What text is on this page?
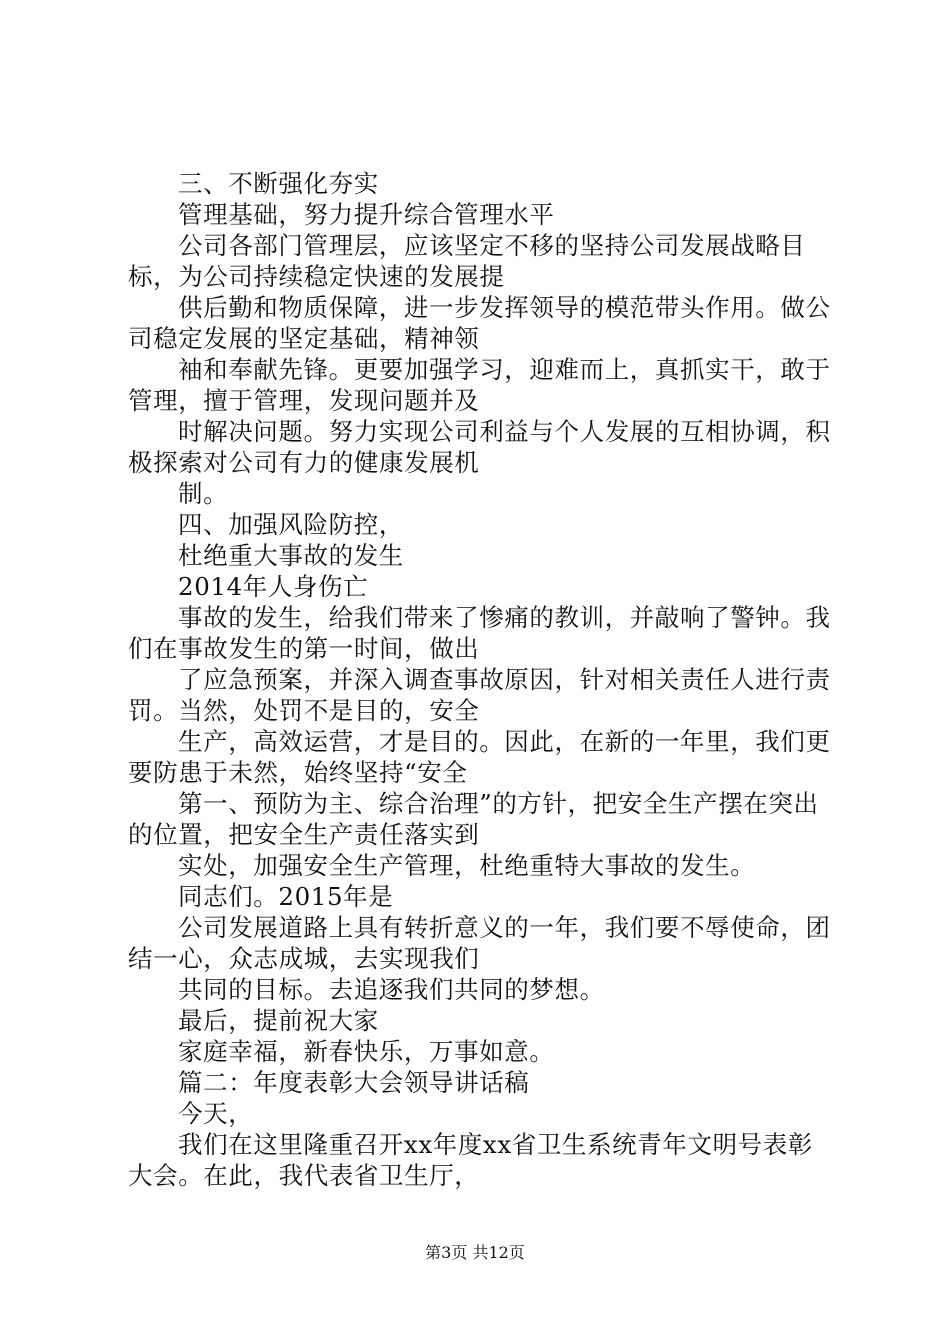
三、不断强化夯实

管理基础，努力提升综合管理水平

公司各部门管理层，应该坚定不移的坚持公司发展战略目标，为公司持续稳定快速的发展提

供后勤和物质保障，进一步发挥领导的模范带头作用。做公司稳定发展的坚定基础，精神领

袖和奉献先锋。更要加强学习，迎难而上，真抓实干，敢于管理，擅于管理，发现问题并及

时解决问题。努力实现公司利益与个人发展的互相协调，积极探索对公司有力的健康发展机

制。

四、加强风险防控，

杜绝重大事故的发生

2014年人身伤亡

事故的发生，给我们带来了惨痛的教训，并敲响了警钟。我们在事故发生的第一时间，做出

了应急预案，并深入调查事故原因，针对相关责任人进行责罚。当然，处罚不是目的，安全

生产，高效运营，才是目的。因此，在新的一年里，我们更要防患于未然，始终坚持“安全

第一、预防为主、综合治理”的方针，把安全生产摆在突出的位置，把安全生产责任落实到

实处，加强安全生产管理，杜绝重特大事故的发生。

同志们。2015年是

公司发展道路上具有转折意义的一年，我们要不辱使命，团结一心，众志成城，去实现我们

共同的目标。去追逐我们共同的梦想。

最后，提前祝大家

家庭幸福，新春快乐，万事如意。

篇二：年度表彰大会领导讲话稿

今天，

我们在这里隆重召开xx年度xx省卫生系统青年文明号表彰大会。在此，我代表省卫生厅，

第3页 共12页
